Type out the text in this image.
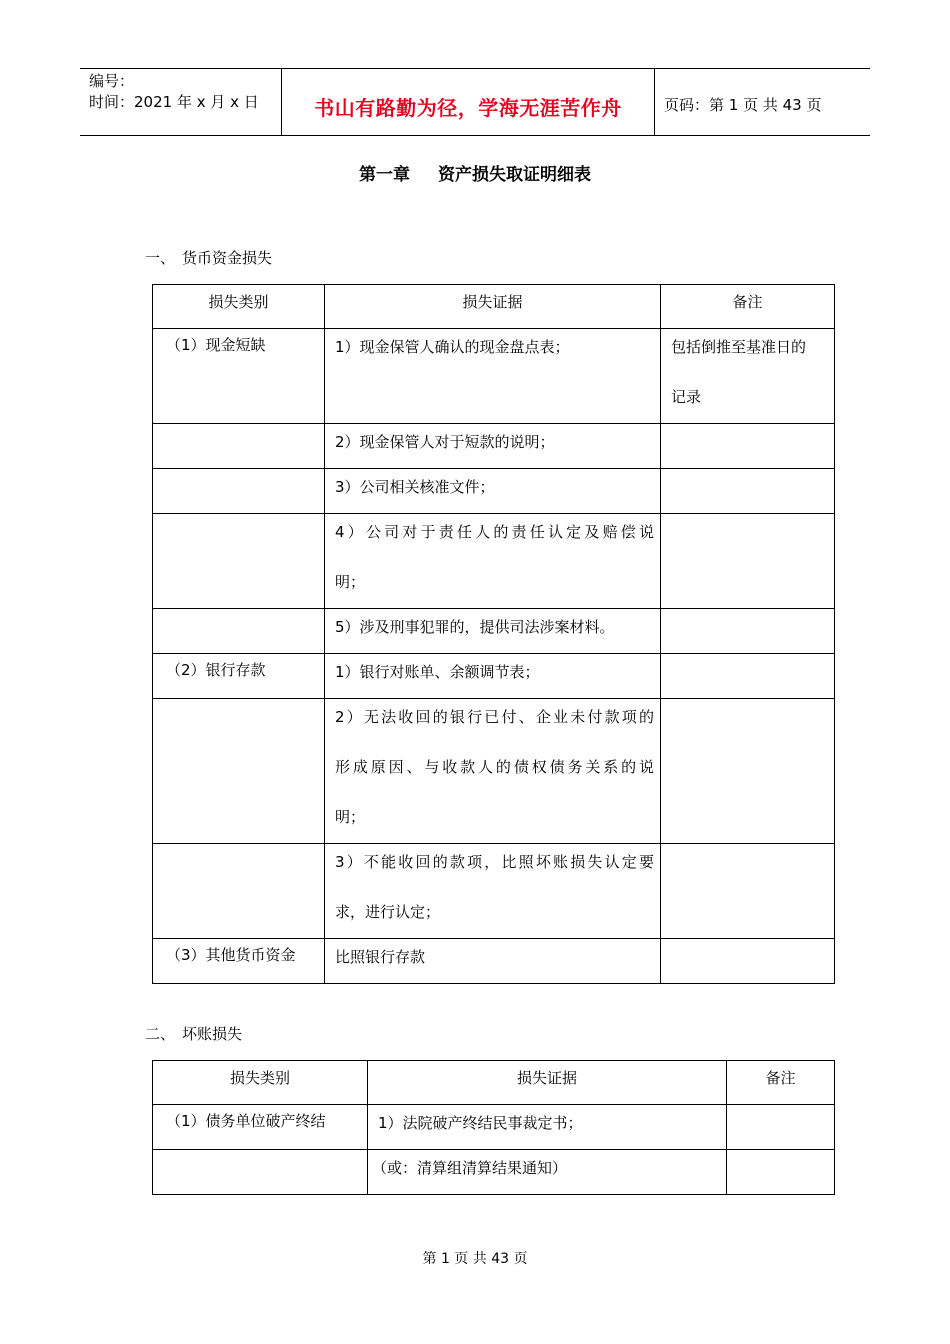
编号：
时间：2021 年 x 月 x 日	书山有路勤为径，学海无涯苦作舟	页码：第 1 页 共 43 页
第一章 资产损失取证明细表
一、 货币资金损失
损失类别	损失证据	备注
（1）现金短缺	1）现金保管人确认的现金盘点表；	包括倒推至基准日的
记录

	2）现金保管人对于短款的说明；	

	3）公司相关核准文件；	

	4）公司对于责任人的责任认定及赔偿说
明；	

	5）涉及刑事犯罪的，提供司法涉案材料。	

（2）银行存款	1）银行对账单、余额调节表；	

	2）无法收回的银行已付、企业未付款项的
形成原因、与收款人的债权债务关系的说
明；	

	3）不能收回的款项，比照坏账损失认定要
求，进行认定；	

（3）其他货币资金	比照银行存款	

二、 坏账损失
损失类别	损失证据	备注
（1）债务单位破产终结	1）法院破产终结民事裁定书；	

	（或：清算组清算结果通知）	

第 1 页 共 43 页
